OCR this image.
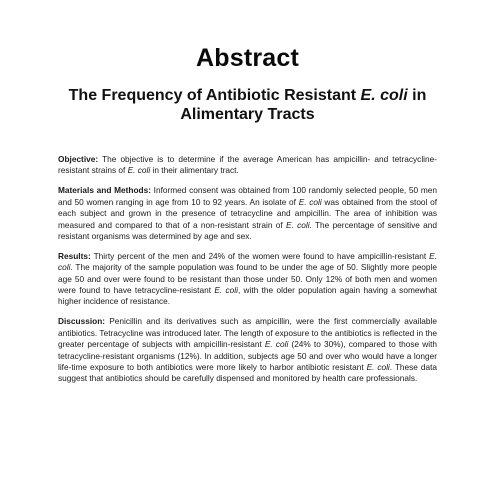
Abstract
The Frequency of Antibiotic Resistant E. coli in Alimentary Tracts

Objective: The objective is to determine if the average American has ampicillin- and tetracycline-resistant strains of E. coli in their alimentary tract.

Materials and Methods: Informed consent was obtained from 100 randomly selected people, 50 men and 50 women ranging in age from 10 to 92 years. An isolate of E. coli was obtained from the stool of each subject and grown in the presence of tetracycline and ampicillin. The area of inhibition was measured and compared to that of a non-resistant strain of E. coli. The percentage of sensitive and resistant organisms was determined by age and sex.

Results: Thirty percent of the men and 24% of the women were found to have ampicillin-resistant E. coli. The majority of the sample population was found to be under the age of 50. Slightly more people age 50 and over were found to be resistant than those under 50. Only 12% of both men and women were found to have tetracycline-resistant E. coli, with the older population again having a somewhat higher incidence of resistance.

Discussion: Penicillin and its derivatives such as ampicillin, were the first commercially available antibiotics. Tetracycline was introduced later. The length of exposure to the antibiotics is reflected in the greater percentage of subjects with ampicillin-resistant E. coli (24% to 30%), compared to those with tetracycline-resistant organisms (12%). In addition, subjects age 50 and over who would have a longer life-time exposure to both antibiotics were more likely to harbor antibiotic resistant E. coli. These data suggest that antibiotics should be carefully dispensed and monitored by health care professionals.
